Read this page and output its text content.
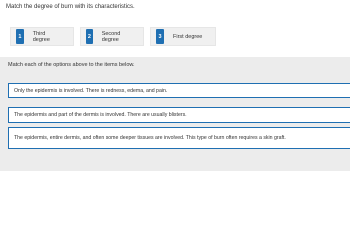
Match the degree of burn with its characteristics.
1	Third degree	2	Second degree	3	First degree
Match each of the options above to the items below.
Only the epidermis is involved. There is redness, edema, and pain.
The epidermis and part of the dermis is involved. There are usually blisters.
The epidermis, entire dermis, and often some deeper tissues are involved. This type of burn often requires a skin graft.
